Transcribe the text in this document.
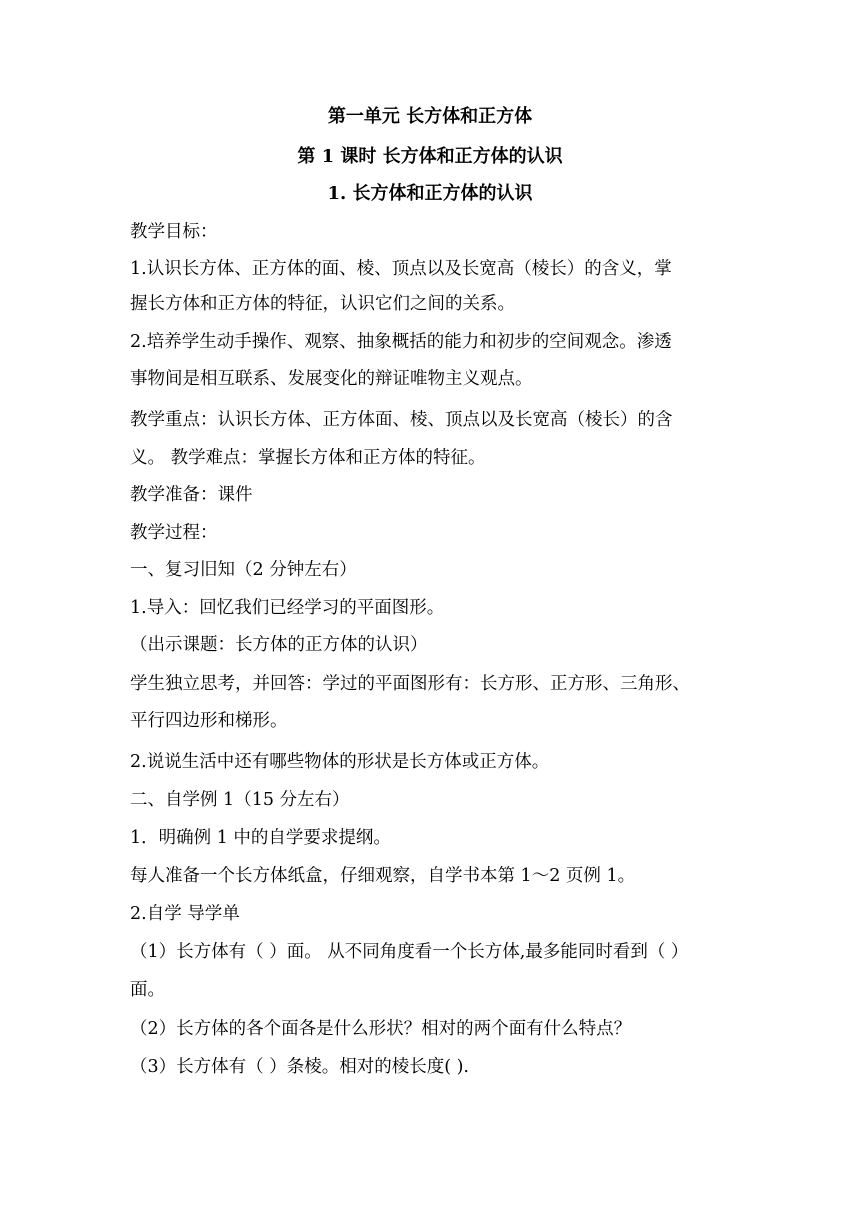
第一单元 长方体和正方体
第 1 课时 长方体和正方体的认识
1. 长方体和正方体的认识
教学目标：
1.认识长方体、正方体的面、棱、顶点以及长宽高（棱长）的含义，掌
握长方体和正方体的特征，认识它们之间的关系。
2.培养学生动手操作、观察、抽象概括的能力和初步的空间观念。渗透
事物间是相互联系、发展变化的辩证唯物主义观点。
教学重点：认识长方体、正方体面、棱、顶点以及长宽高（棱长）的含
义。 教学难点：掌握长方体和正方体的特征。
教学准备：课件
教学过程：
一、复习旧知（2 分钟左右）
1.导入：回忆我们已经学习的平面图形。
（出示课题：长方体的正方体的认识）
学生独立思考，并回答：学过的平面图形有：长方形、正方形、三角形、
平行四边形和梯形。
2.说说生活中还有哪些物体的形状是长方体或正方体。
二、自学例 1（15 分左右）
1．明确例 1 中的自学要求提纲。
每人准备一个长方体纸盒，仔细观察，自学书本第 1～2 页例 1。
2.自学 导学单
（1）长方体有（ ）面。 从不同角度看一个长方体,最多能同时看到（ ）
面。
（2）长方体的各个面各是什么形状？相对的两个面有什么特点？
（3）长方体有（ ）条棱。相对的棱长度( ).
